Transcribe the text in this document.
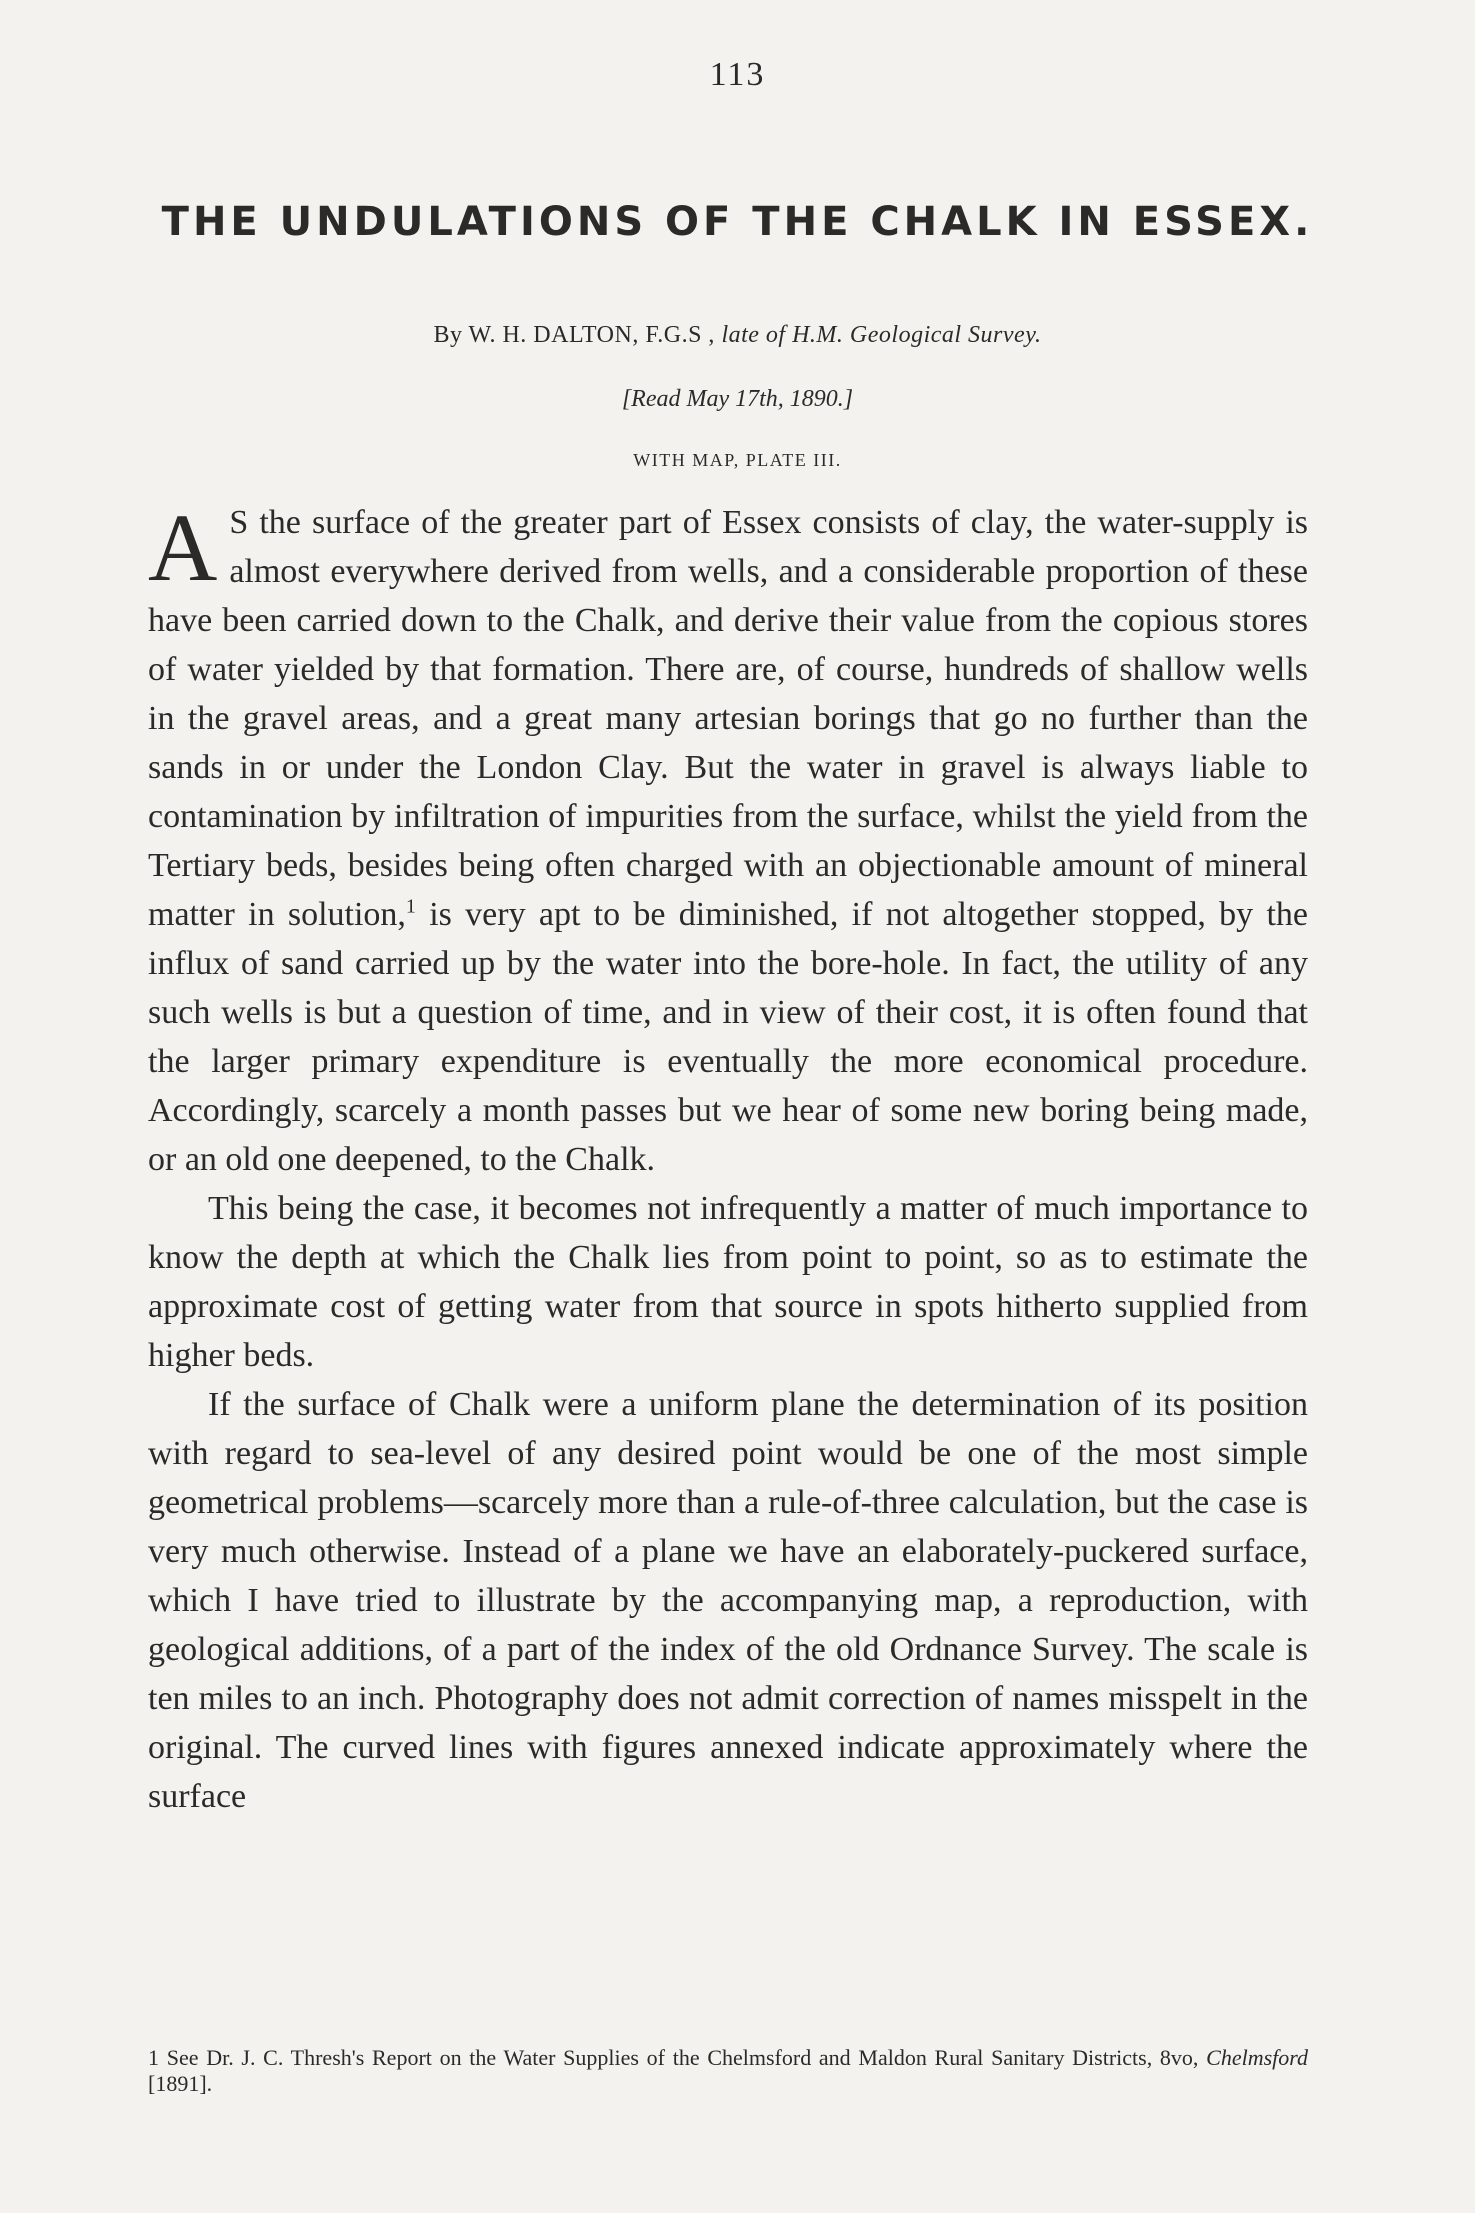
113
THE UNDULATIONS OF THE CHALK IN ESSEX.
By W. H. DALTON, F.G.S , late of H.M. Geological Survey.
[Read May 17th, 1890.]
WITH MAP, PLATE III.

A S the surface of the greater part of Essex consists of clay, the water-supply is almost everywhere derived from wells, and a considerable proportion of these have been carried down to the Chalk, and derive their value from the copious stores of water yielded by that formation. There are, of course, hundreds of shallow wells in the gravel areas, and a great many artesian borings that go no further than the sands in or under the London Clay. But the water in gravel is always liable to contamination by infiltration of impurities from the surface, whilst the yield from the Tertiary beds, besides being often charged with an objectionable amount of mineral matter in solution,$^1$ is very apt to be diminished, if not altogether stopped, by the influx of sand carried up by the water into the bore-hole. In fact, the utility of any such wells is but a question of time, and in view of their cost, it is often found that the larger primary expenditure is eventually the more economical procedure. Accordingly, scarcely a month passes but we hear of some new boring being made, or an old one deepened, to the Chalk.

This being the case, it becomes not infrequently a matter of much importance to know the depth at which the Chalk lies from point to point, so as to estimate the approximate cost of getting water from that source in spots hitherto supplied from higher beds.

If the surface of Chalk were a uniform plane the determination of its position with regard to sea-level of any desired point would be one of the most simple geometrical problems—scarcely more than a rule-of-three calculation, but the case is very much otherwise. Instead of a plane we have an elaborately-puckered surface, which I have tried to illustrate by the accompanying map, a reproduction, with geological additions, of a part of the index of the old Ordnance Survey. The scale is ten miles to an inch. Photography does not admit correction of names misspelt in the original. The curved lines with figures annexed indicate approximately where the surface

1 See Dr. J. C. Thresh's Report on the Water Supplies of the Chelmsford and Maldon Rural Sanitary Districts, 8vo, Chelmsford [1891].
